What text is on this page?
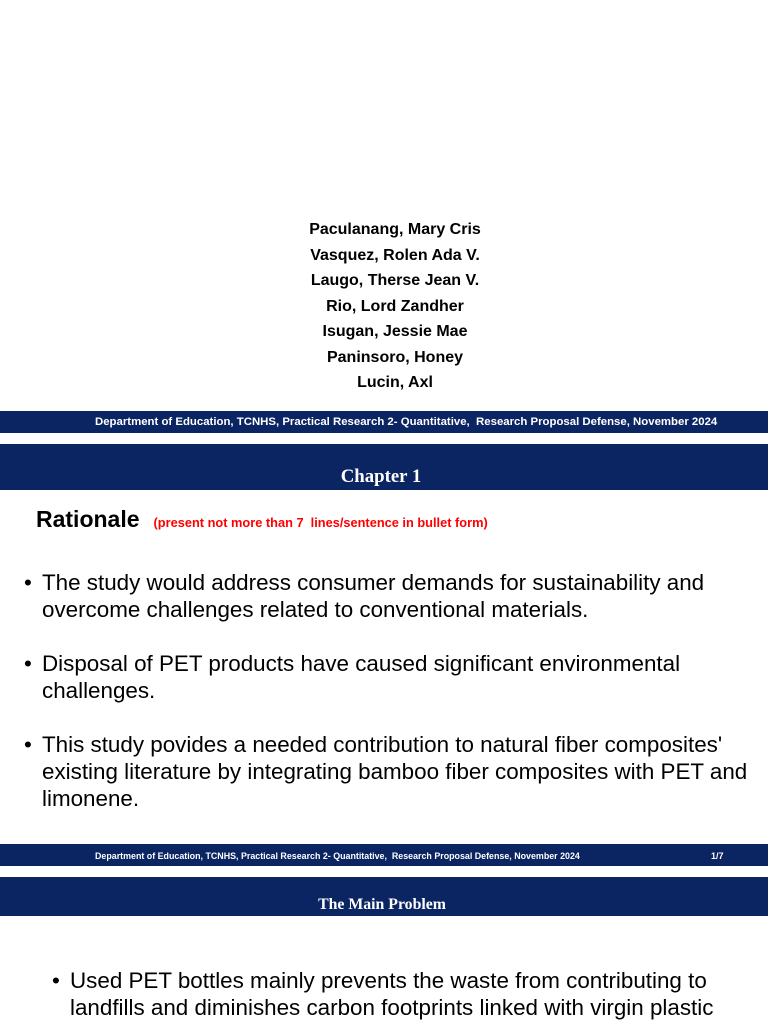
Paculanang, Mary Cris
Vasquez, Rolen Ada V.
Laugo, Therse Jean V.
Rio, Lord Zandher
Isugan, Jessie Mae
Paninsoro, Honey
Lucin, Axl
Department of Education, TCNHS, Practical Research 2- Quantitative,  Research Proposal Defense, November 2024
Chapter 1
Rationale (present not more than 7  lines/sentence in bullet form)
• The study would address consumer demands for sustainability and
overcome challenges related to conventional materials.
• Disposal of PET products have caused significant environmental
challenges.
• This study povides a needed contribution to natural fiber composites'
existing literature by integrating bamboo fiber composites with PET and
limonene.
Department of Education, TCNHS, Practical Research 2- Quantitative,  Research Proposal Defense, November 2024	1/7
The Main Problem
• Used PET bottles mainly prevents the waste from contributing to
landfills and diminishes carbon footprints linked with virgin plastic
